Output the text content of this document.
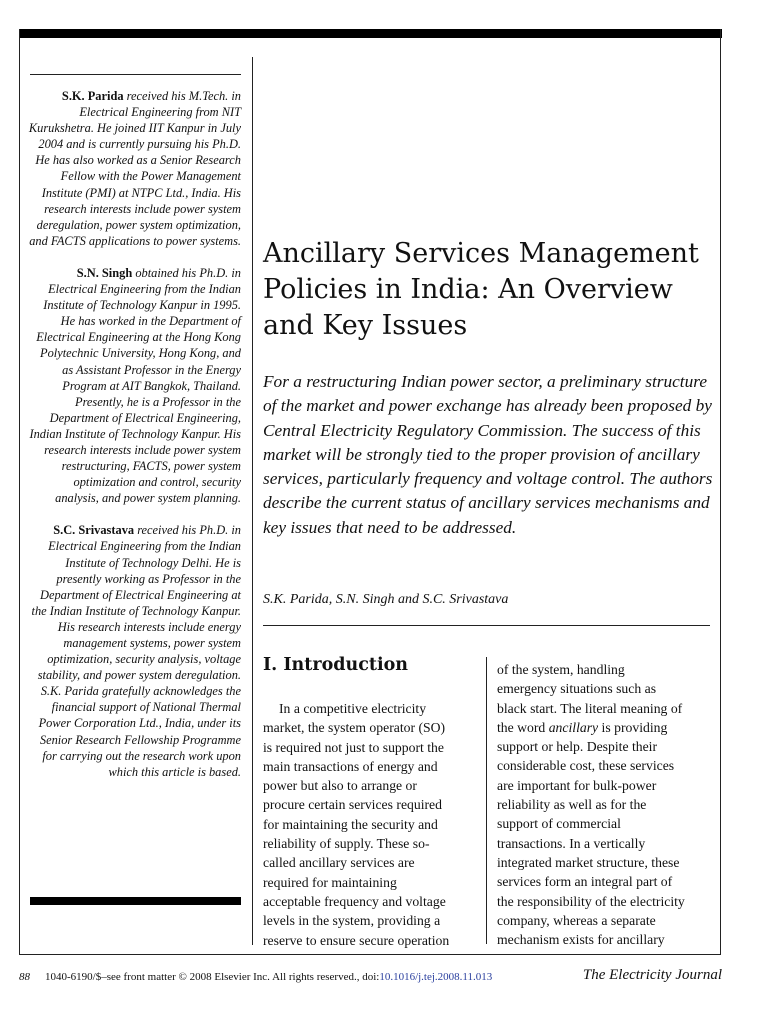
S.K. Parida received his M.Tech. in Electrical Engineering from NIT Kurukshetra. He joined IIT Kanpur in July 2004 and is currently pursuing his Ph.D. He has also worked as a Senior Research Fellow with the Power Management Institute (PMI) at NTPC Ltd., India. His research interests include power system deregulation, power system optimization, and FACTS applications to power systems.

S.N. Singh obtained his Ph.D. in Electrical Engineering from the Indian Institute of Technology Kanpur in 1995. He has worked in the Department of Electrical Engineering at the Hong Kong Polytechnic University, Hong Kong, and as Assistant Professor in the Energy Program at AIT Bangkok, Thailand. Presently, he is a Professor in the Department of Electrical Engineering, Indian Institute of Technology Kanpur. His research interests include power system restructuring, FACTS, power system optimization and control, security analysis, and power system planning.

S.C. Srivastava received his Ph.D. in Electrical Engineering from the Indian Institute of Technology Delhi. He is presently working as Professor in the Department of Electrical Engineering at the Indian Institute of Technology Kanpur. His research interests include energy management systems, power system optimization, security analysis, voltage stability, and power system deregulation. S.K. Parida gratefully acknowledges the financial support of National Thermal Power Corporation Ltd., India, under its Senior Research Fellowship Programme for carrying out the research work upon which this article is based.

Ancillary Services Management Policies in India: An Overview and Key Issues

For a restructuring Indian power sector, a preliminary structure of the market and power exchange has already been proposed by Central Electricity Regulatory Commission. The success of this market will be strongly tied to the proper provision of ancillary services, particularly frequency and voltage control. The authors describe the current status of ancillary services mechanisms and key issues that need to be addressed.

S.K. Parida, S.N. Singh and S.C. Srivastava

I. Introduction
In a competitive electricity
market, the system operator (SO)
is required not just to support the
main transactions of energy and
power but also to arrange or
procure certain services required
for maintaining the security and
reliability of supply. These so-
called ancillary services are
required for maintaining
acceptable frequency and voltage
levels in the system, providing a
reserve to ensure secure operation
of the system, handling
emergency situations such as
black start. The literal meaning of
the word ancillary is providing
support or help. Despite their
considerable cost, these services
are important for bulk-power
reliability as well as for the
support of commercial
transactions. In a vertically
integrated market structure, these
services form an integral part of
the responsibility of the electricity
company, whereas a separate
mechanism exists for ancillary
88 1040-6190/$–see front matter © 2008 Elsevier Inc. All rights reserved., doi:10.1016/j.tej.2008.11.013	The Electricity Journal
